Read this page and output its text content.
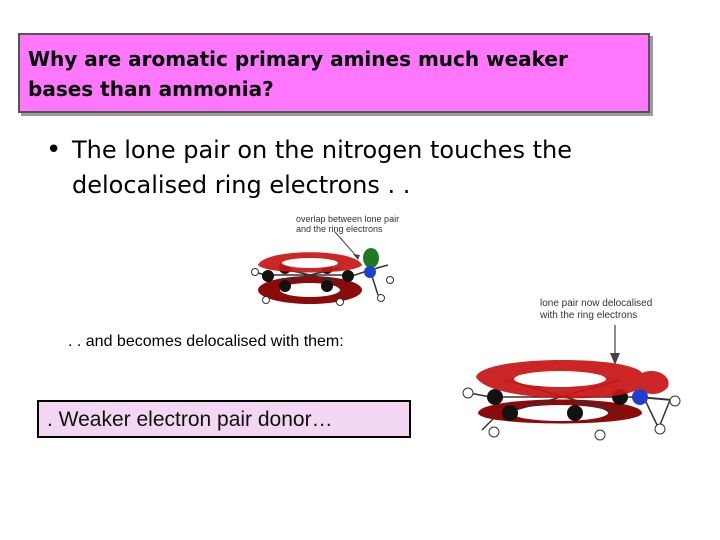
Why are aromatic primary amines much weaker
bases than ammonia?
• The lone pair on the nitrogen touches the
delocalised ring electrons . .
overlap between lone pair
and the ring electrons
lone pair now delocalised
with the ring electrons
. . and becomes delocalised with them:
. Weaker electron pair donor…
